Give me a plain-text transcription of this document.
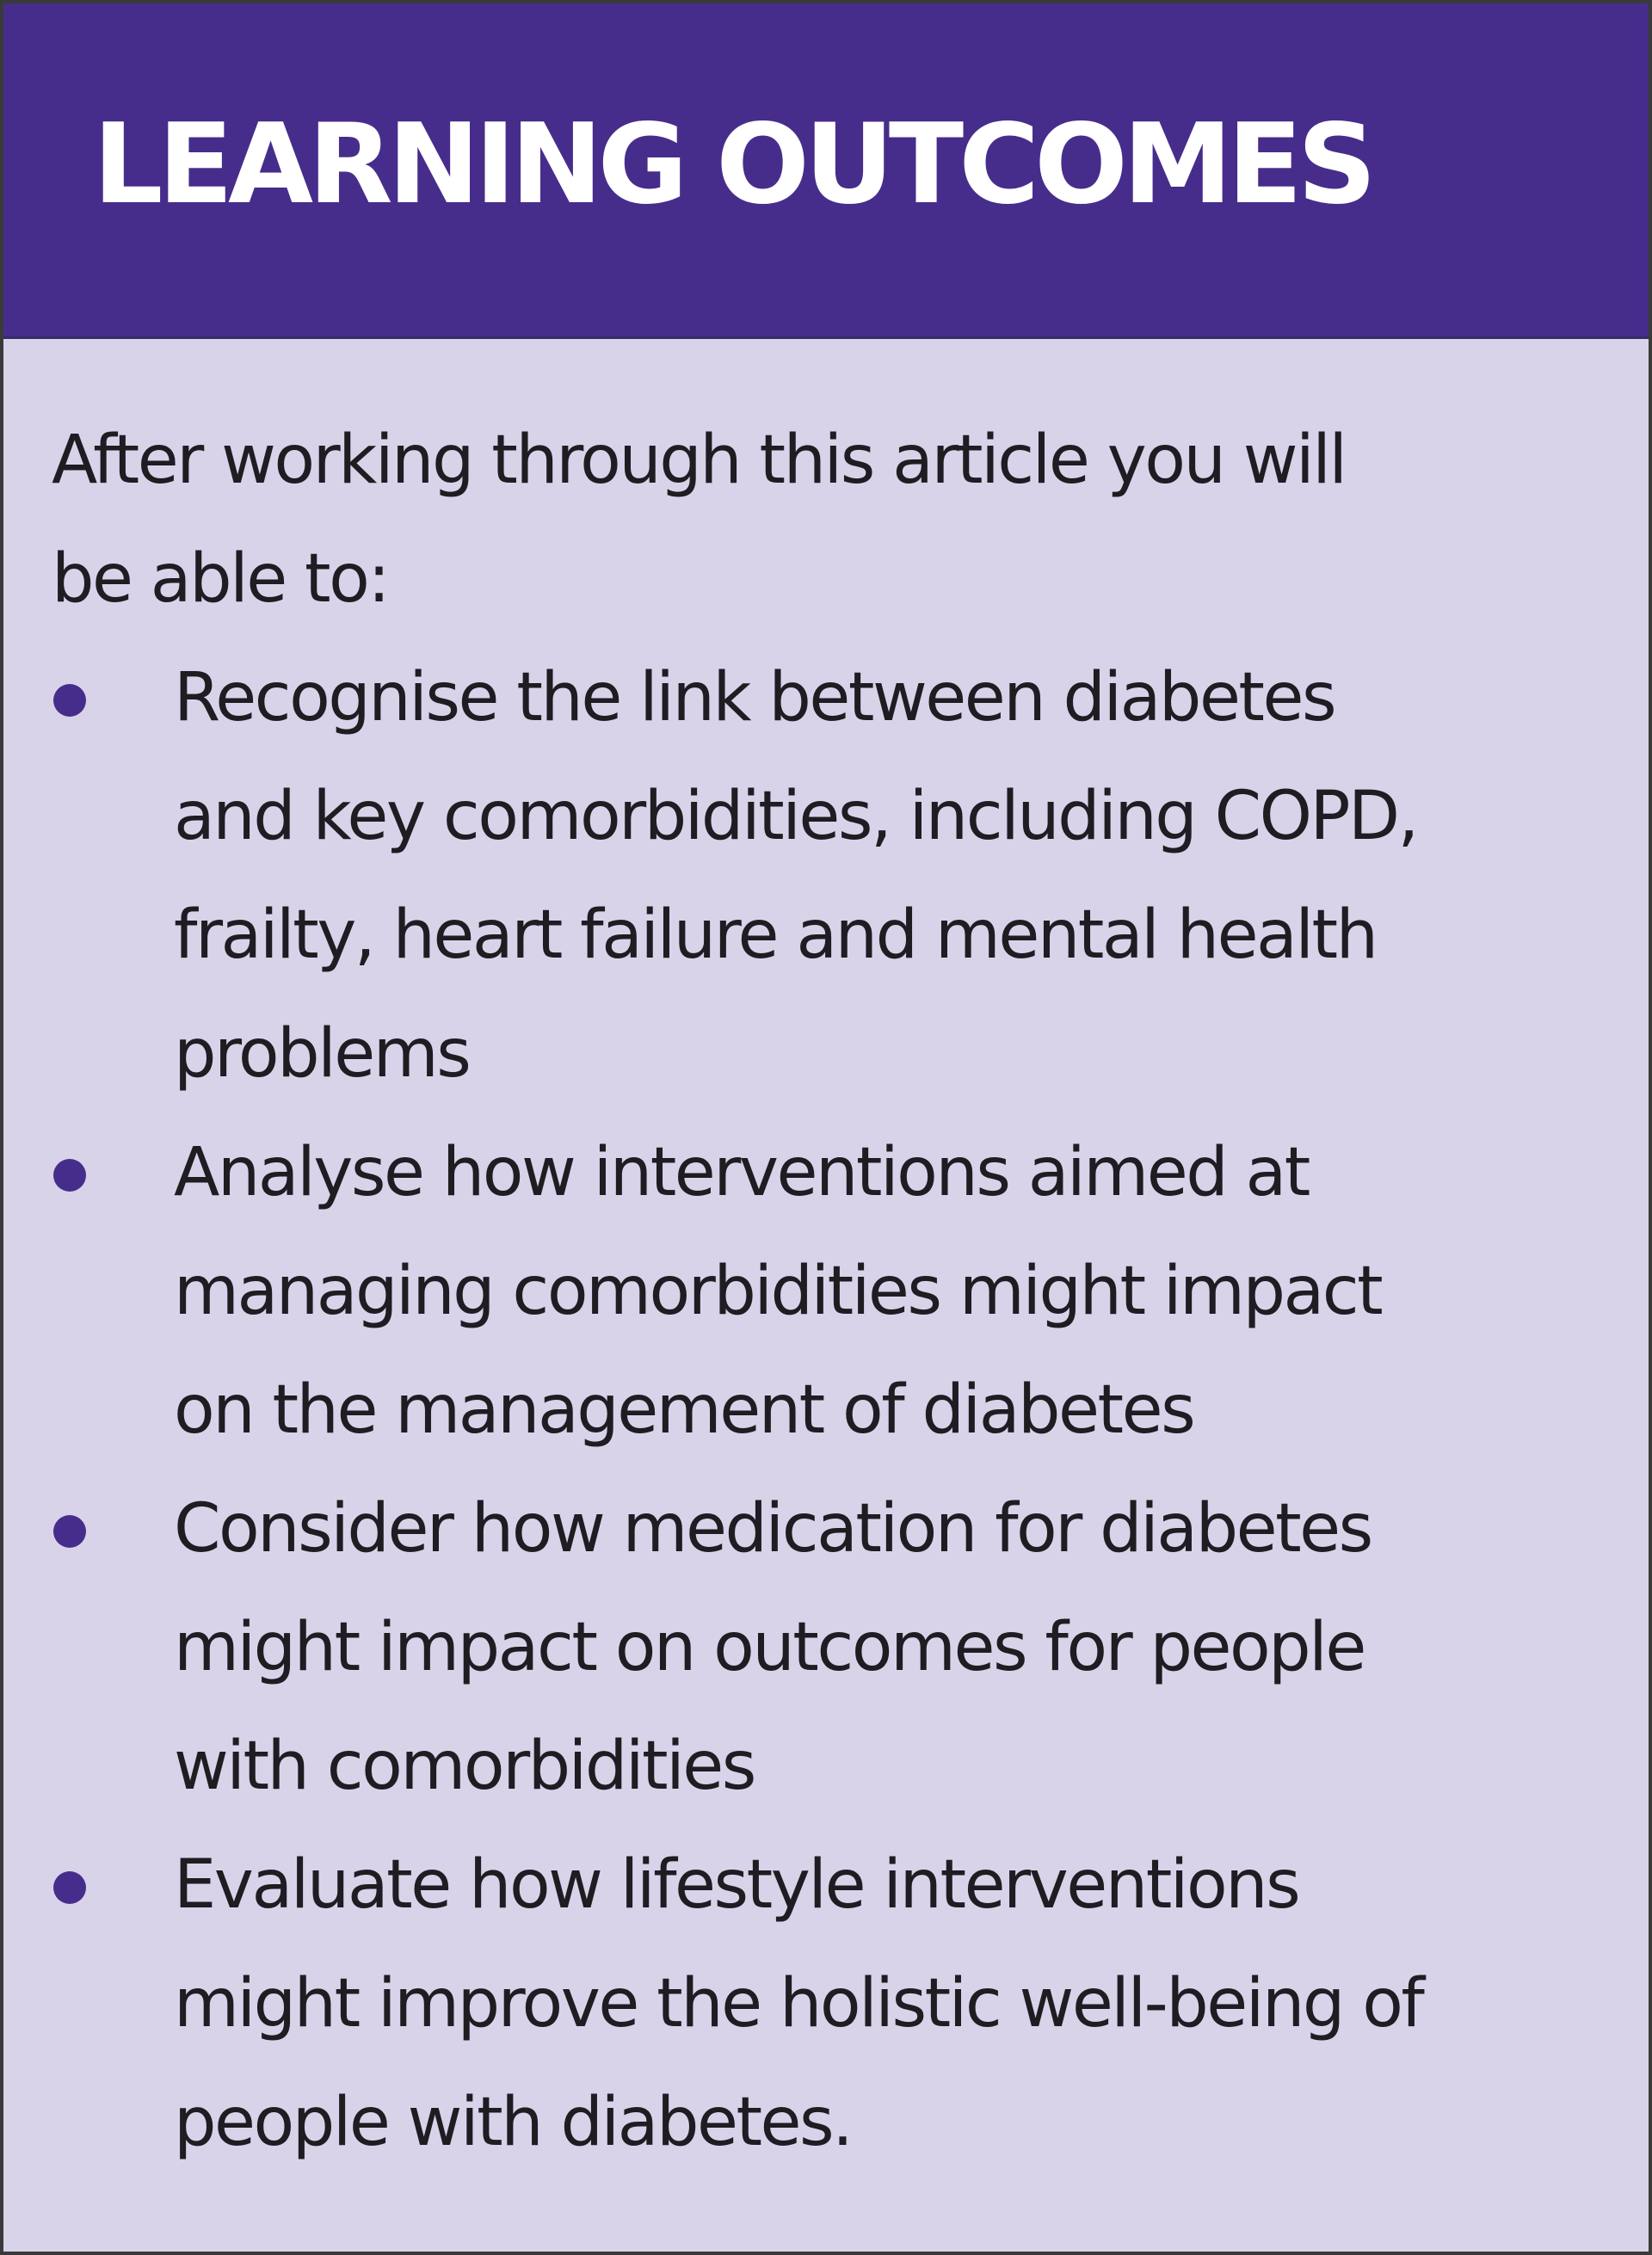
LEARNING OUTCOMES

After working through this article you will
be able to:

Recognise the link between diabetes
and key comorbidities, including COPD,
frailty, heart failure and mental health
problems
Analyse how interventions aimed at
managing comorbidities might impact
on the management of diabetes
Consider how medication for diabetes
might impact on outcomes for people
with comorbidities
Evaluate how lifestyle interventions
might improve the holistic well-being of
people with diabetes.
